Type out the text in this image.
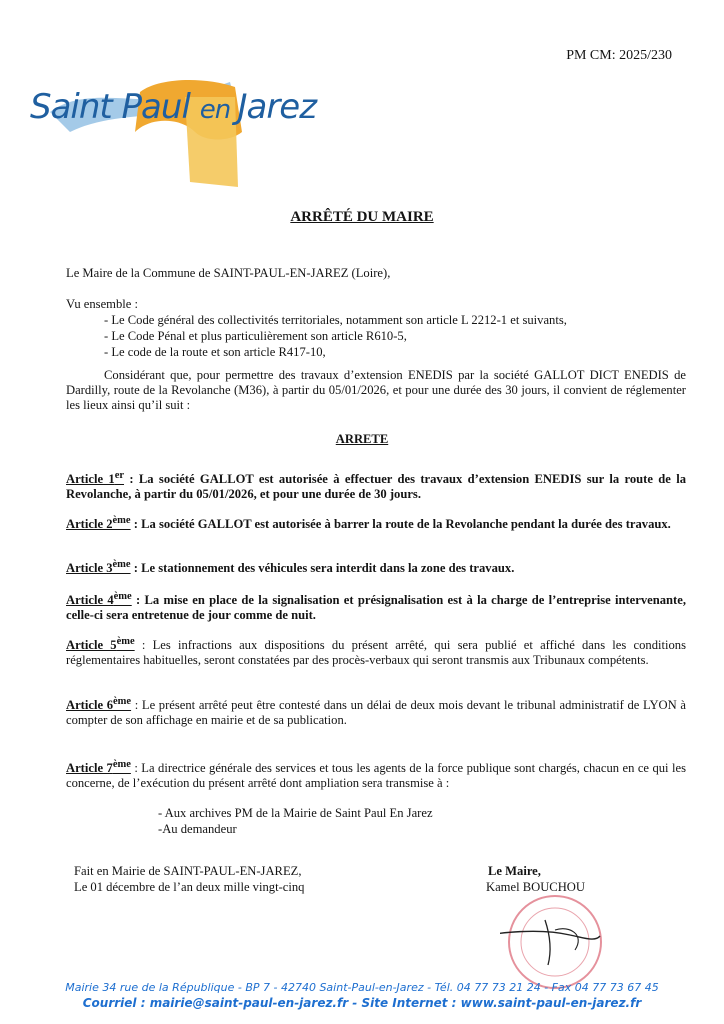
PM CM: 2025/230
Saint Paul en Jarez
ARRÊTÉ DU MAIRE
Le Maire de la Commune de SAINT-PAUL-EN-JAREZ (Loire),
Vu ensemble :
- Le Code général des collectivités territoriales, notamment son article L 2212-1 et suivants,
- Le Code Pénal et plus particulièrement son article R610-5,
- Le code de la route et son article R417-10,
Considérant que, pour permettre des travaux d’extension ENEDIS par la société GALLOT DICT ENEDIS de Dardilly, route de la Revolanche (M36), à partir du 05/01/2026, et pour une durée des 30 jours, il convient de réglementer les lieux ainsi qu’il suit :
ARRETE
Article 1er : La société GALLOT est autorisée à effectuer des travaux d’extension ENEDIS sur la route de la Revolanche, à partir du 05/01/2026, et pour une durée de 30 jours.
Article 2ème : La société GALLOT est autorisée à barrer la route de la Revolanche pendant la durée des travaux.
Article 3ème : Le stationnement des véhicules sera interdit dans la zone des travaux.
Article 4ème : La mise en place de la signalisation et présignalisation est à la charge de l’entreprise intervenante, celle-ci sera entretenue de jour comme de nuit.
Article 5ème : Les infractions aux dispositions du présent arrêté, qui sera publié et affiché dans les conditions réglementaires habituelles, seront constatées par des procès-verbaux qui seront transmis aux Tribunaux compétents.
Article 6ème : Le présent arrêté peut être contesté dans un délai de deux mois devant le tribunal administratif de LYON à compter de son affichage en mairie et de sa publication.
Article 7ème : La directrice générale des services et tous les agents de la force publique sont chargés, chacun en ce qui les concerne, de l’exécution du présent arrêté dont ampliation sera transmise à :
- Aux archives PM de la Mairie de Saint Paul En Jarez
-Au demandeur
Fait en Mairie de SAINT-PAUL-EN-JAREZ,
Le 01 décembre de l’an deux mille vingt-cinq
Le Maire,
Kamel BOUCHOU
Mairie 34 rue de la République - BP 7 - 42740 Saint-Paul-en-Jarez - Tél. 04 77 73 21 24 - Fax 04 77 73 67 45
Courriel : mairie@saint-paul-en-jarez.fr - Site Internet : www.saint-paul-en-jarez.fr
